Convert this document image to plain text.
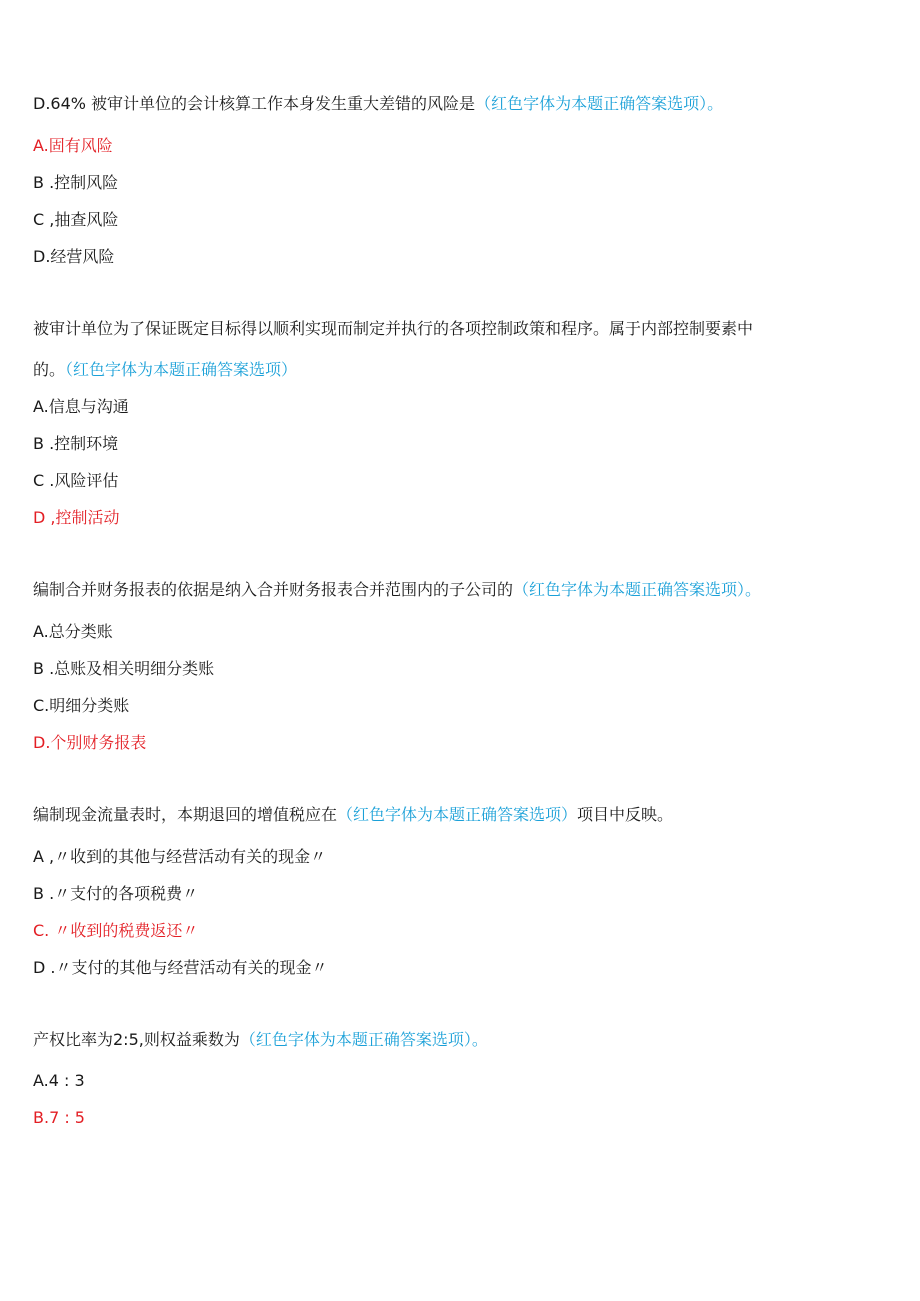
D.64% 被审计单位的会计核算工作本身发生重大差错的风险是（红色字体为本题正确答案选项）。
A.固有风险
B .控制风险
C ,抽查风险
D.经营风险
被审计单位为了保证既定目标得以顺利实现而制定并执行的各项控制政策和程序。属于内部控制要素中
的。（红色字体为本题正确答案选项）
A.信息与沟通
B .控制环境
C .风险评估
D ,控制活动
编制合并财务报表的依据是纳入合并财务报表合并范围内的子公司的（红色字体为本题正确答案选项）。
A.总分类账
B .总账及相关明细分类账
C.明细分类账
D.个别财务报表
编制现金流量表时，本期退回的增值税应在（红色字体为本题正确答案选项）项目中反映。
A ,〃收到的其他与经营活动有关的现金〃
B .〃支付的各项税费〃
C. 〃收到的税费返还〃
D .〃支付的其他与经营活动有关的现金〃
产权比率为2:5,则权益乘数为（红色字体为本题正确答案选项）。
A.4 : 3
B.7 : 5
